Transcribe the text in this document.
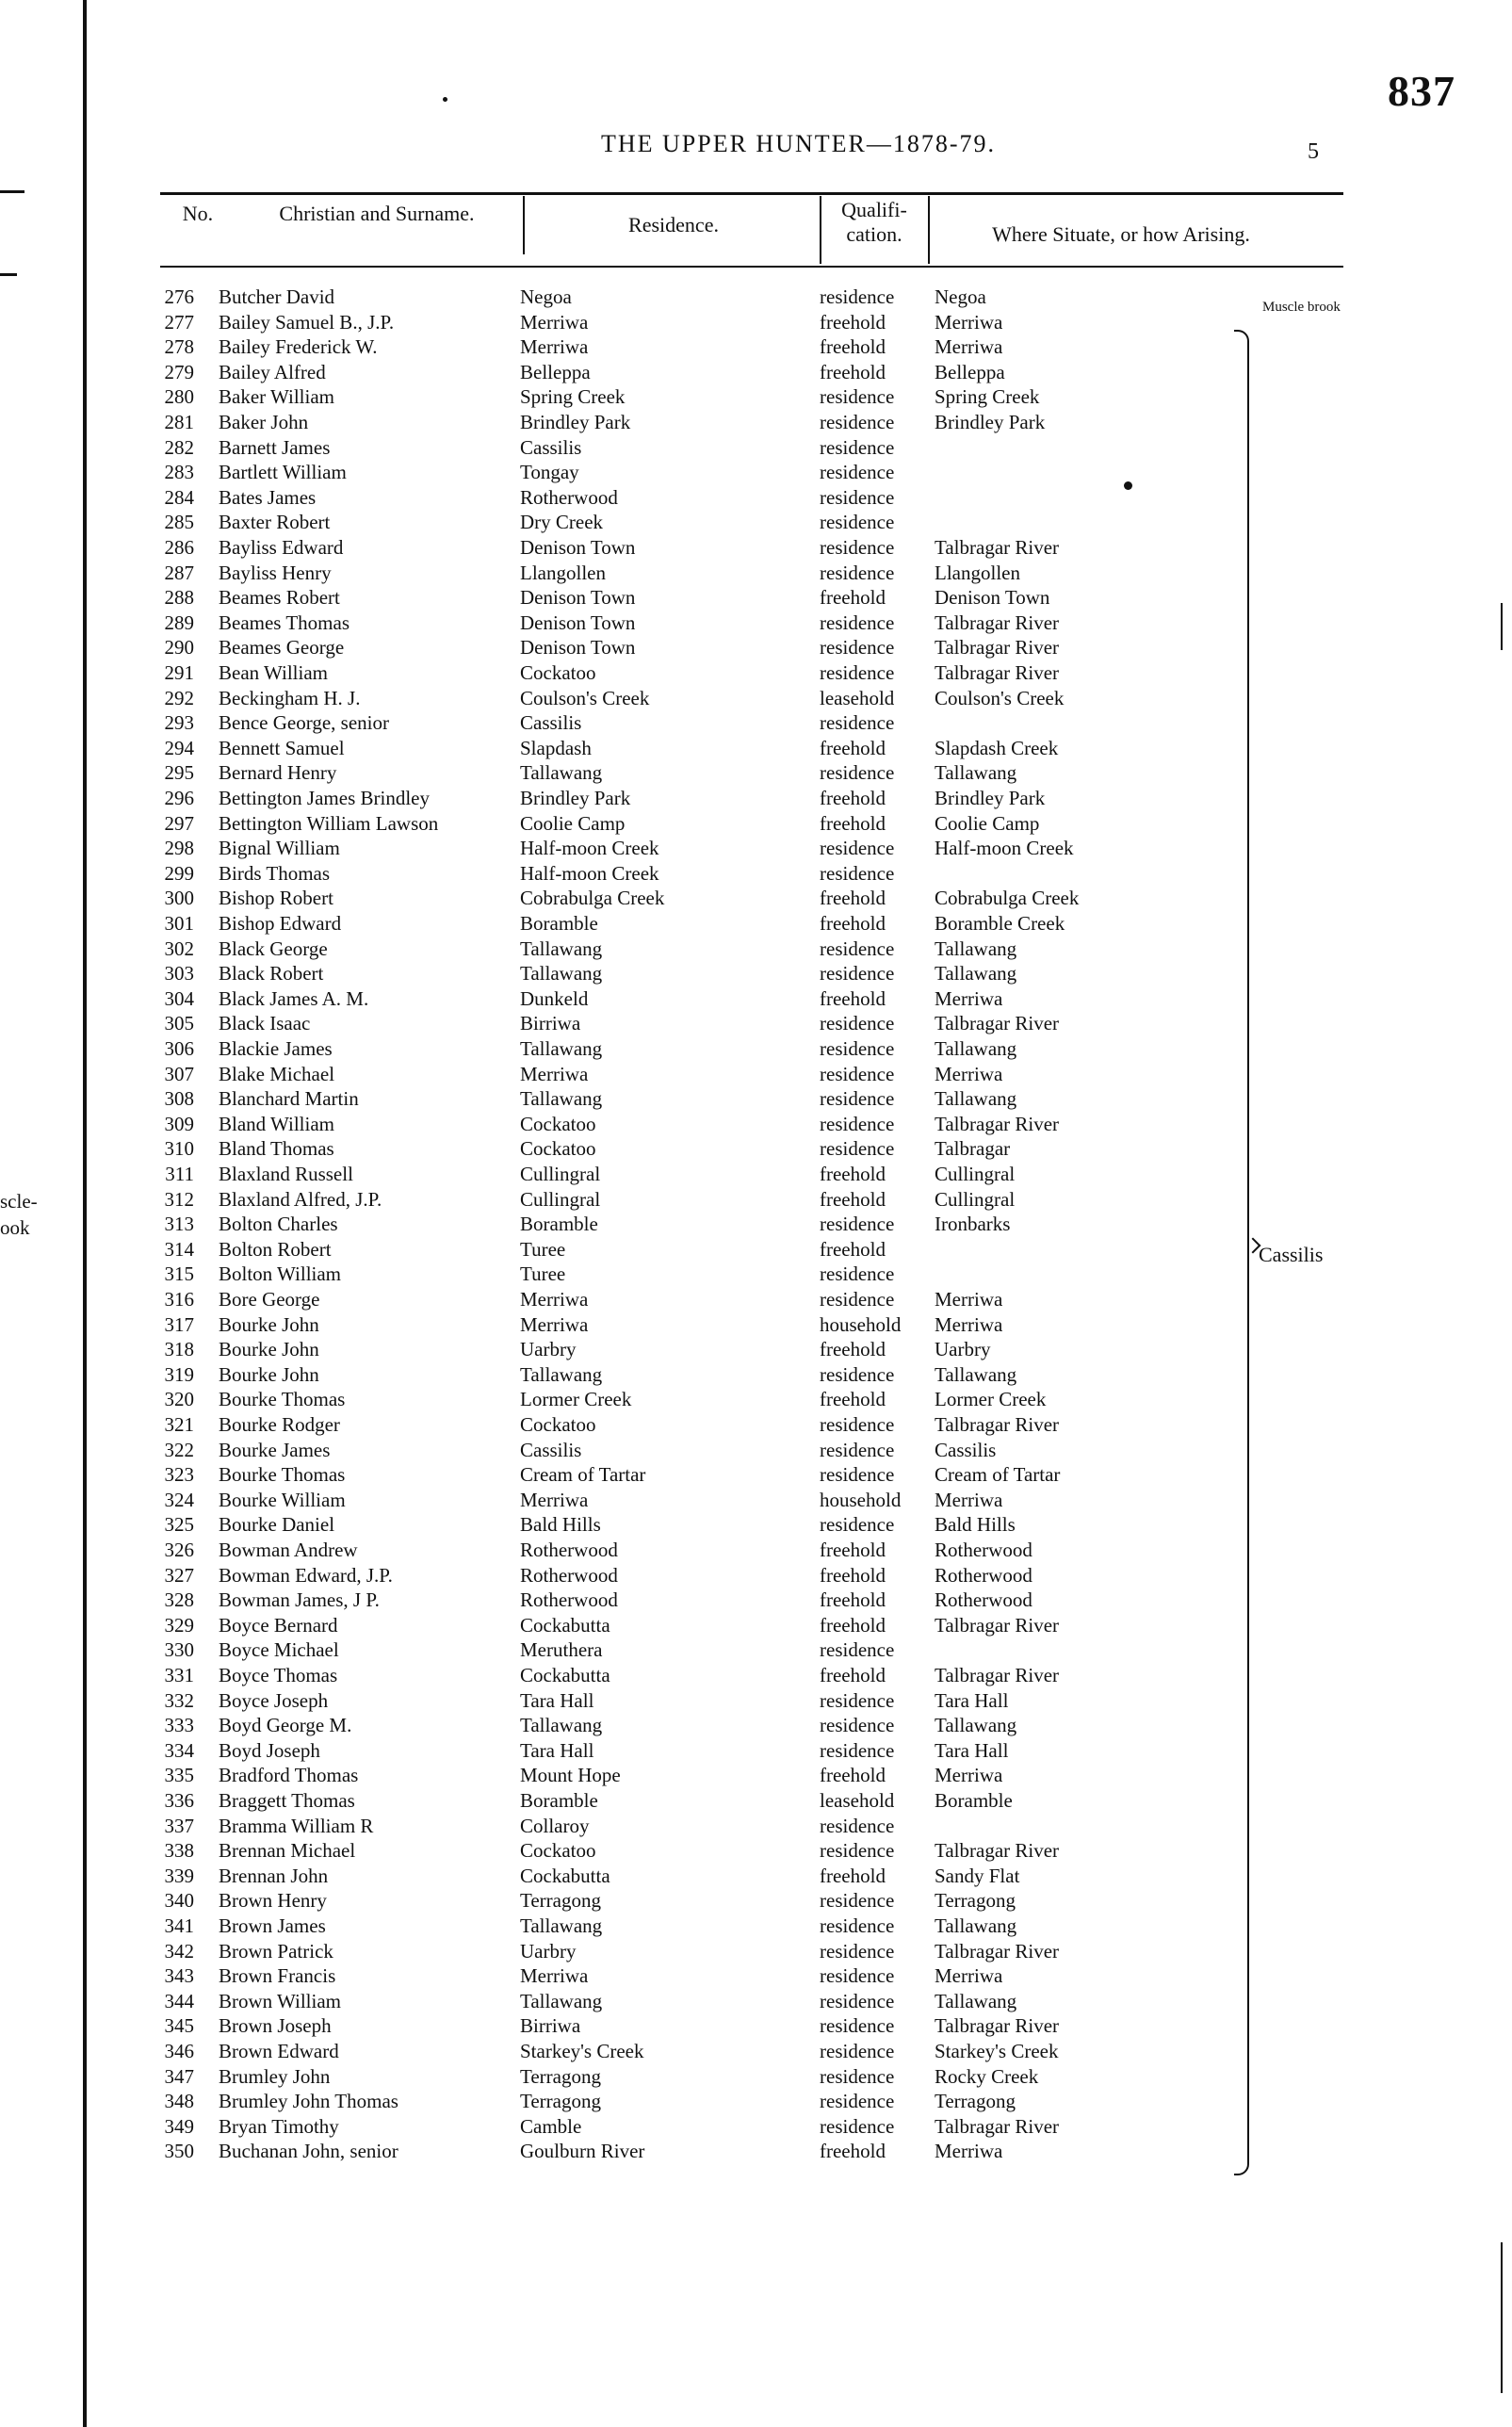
scle-
ook
837
THE UPPER HUNTER—1878-79.	5
No.	Christian and Surname.	Residence.
Qualifi- cation.	Where Situate, or how Arising.
276 Butcher David	Negoa	residence Negoa
277 Bailey Samuel B., J.P.	Merriwa	freehold Merriwa
278 Bailey Frederick W.	Merriwa	freehold Merriwa
279 Bailey Alfred	Belleppa	freehold Belleppa
280 Baker William	Spring Creek	residence Spring Creek
281 Baker John	Brindley Park	residence Brindley Park
282 Barnett James	Cassilis	residence
283 Bartlett William	Tongay	residence
284 Bates James	Rotherwood	residence
285 Baxter Robert	Dry Creek	residence
286 Bayliss Edward	Denison Town	residence Talbragar River
287 Bayliss Henry	Llangollen	residence Llangollen
288 Beames Robert	Denison Town	freehold Denison Town
289 Beames Thomas	Denison Town	residence Talbragar River
290 Beames George	Denison Town	residence Talbragar River
291 Bean William	Cockatoo	residence Talbragar River
292 Beckingham H. J.	Coulson's Creek	leasehold Coulson's Creek
293 Bence George, senior	Cassilis	residence
294 Bennett Samuel	Slapdash	freehold Slapdash Creek
295 Bernard Henry	Tallawang	residence Tallawang
296 Bettington James Brindley	Brindley Park	freehold Brindley Park
297 Bettington William Lawson	Coolie Camp	freehold Coolie Camp
298 Bignal William	Half-moon Creek	residence Half-moon Creek
299 Birds Thomas	Half-moon Creek	residence
300 Bishop Robert	Cobrabulga Creek	freehold Cobrabulga Creek
301 Bishop Edward	Boramble	freehold Boramble Creek
302 Black George	Tallawang	residence Tallawang
303 Black Robert	Tallawang	residence Tallawang
304 Black James A. M.	Dunkeld	freehold Merriwa
305 Black Isaac	Birriwa	residence Talbragar River
306 Blackie James	Tallawang	residence Tallawang
307 Blake Michael	Merriwa	residence Merriwa
308 Blanchard Martin	Tallawang	residence Tallawang
309 Bland William	Cockatoo	residence Talbragar River
310 Bland Thomas	Cockatoo	residence Talbragar
311 Blaxland Russell	Cullingral	freehold Cullingral
312 Blaxland Alfred, J.P.	Cullingral	freehold Cullingral
313 Bolton Charles	Boramble	residence Ironbarks
314 Bolton Robert	Turee	freehold
315 Bolton William	Turee	residence
316 Bore George	Merriwa	residence Merriwa
317 Bourke John	Merriwa	household Merriwa
318 Bourke John	Uarbry	freehold Uarbry
319 Bourke John	Tallawang	residence Tallawang
320 Bourke Thomas	Lormer Creek	freehold Lormer Creek
321 Bourke Rodger	Cockatoo	residence Talbragar River
322 Bourke James	Cassilis	residence Cassilis
323 Bourke Thomas	Cream of Tartar	residence Cream of Tartar
324 Bourke William	Merriwa	household Merriwa
325 Bourke Daniel	Bald Hills	residence Bald Hills
326 Bowman Andrew	Rotherwood	freehold Rotherwood
327 Bowman Edward, J.P.	Rotherwood	freehold Rotherwood
328 Bowman James, J P.	Rotherwood	freehold Rotherwood
329 Boyce Bernard	Cockabutta	freehold Talbragar River
330 Boyce Michael	Meruthera	residence
331 Boyce Thomas	Cockabutta	freehold Talbragar River
332 Boyce Joseph	Tara Hall	residence Tara Hall
333 Boyd George M.	Tallawang	residence Tallawang
334 Boyd Joseph	Tara Hall	residence Tara Hall
335 Bradford Thomas	Mount Hope	freehold Merriwa
336 Braggett Thomas	Boramble	leasehold Boramble
337 Bramma William R	Collaroy	residence
338 Brennan Michael	Cockatoo	residence Talbragar River
339 Brennan John	Cockabutta	freehold Sandy Flat
340 Brown Henry	Terragong	residence Terragong
341 Brown James	Tallawang	residence Tallawang
342 Brown Patrick	Uarbry	residence Talbragar River
343 Brown Francis	Merriwa	residence Merriwa
344 Brown William	Tallawang	residence Tallawang
345 Brown Joseph	Birriwa	residence Talbragar River
346 Brown Edward	Starkey's Creek	residence Starkey's Creek
347 Brumley John	Terragong	residence Rocky Creek
348 Brumley John Thomas	Terragong	residence Terragong
349 Bryan Timothy	Camble	residence Talbragar River
350 Buchanan John, senior	Goulburn River	freehold Merriwa
Muscle brook
Cassilis
